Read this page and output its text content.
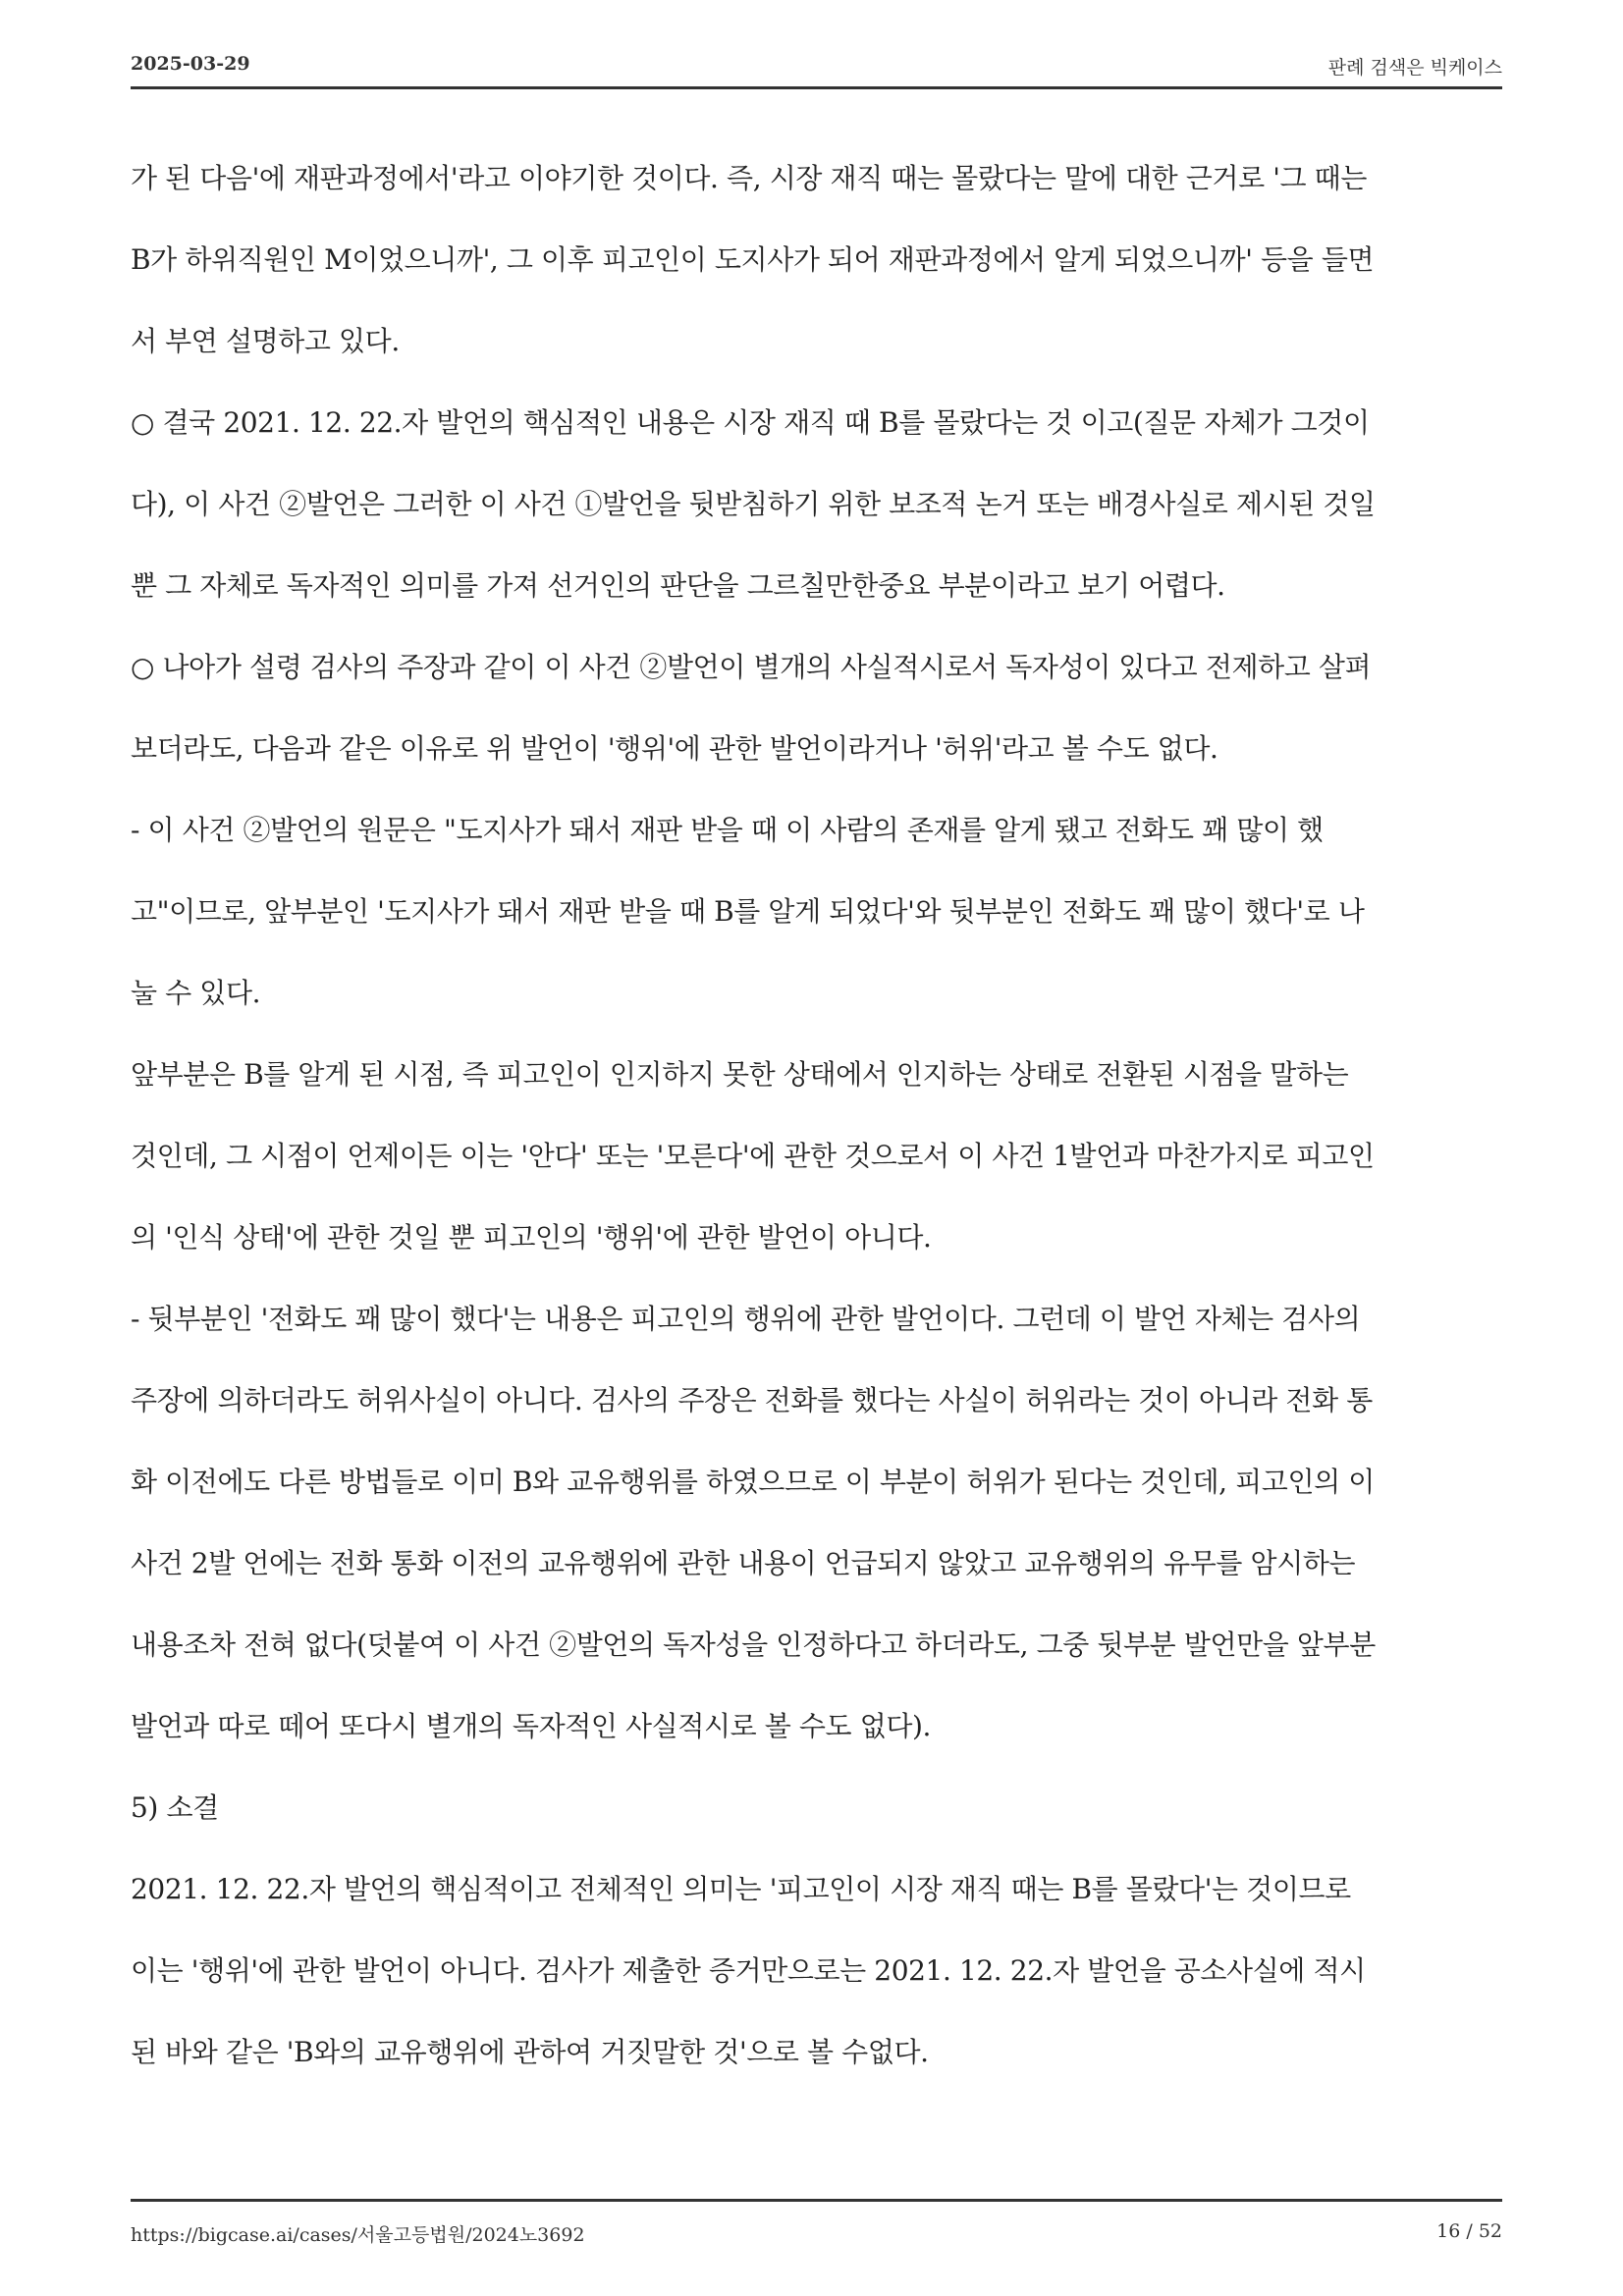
2025-03-29	판례 검색은 빅케이스

가 된 다음'에 재판과정에서'라고 이야기한 것이다. 즉, 시장 재직 때는 몰랐다는 말에 대한 근거로 '그 때는

B가 하위직원인 M이었으니까', 그 이후 피고인이 도지사가 되어 재판과정에서 알게 되었으니까' 등을 들면

서 부연 설명하고 있다.

○ 결국 2021. 12. 22.자 발언의 핵심적인 내용은 시장 재직 때 B를 몰랐다는 것 이고(질문 자체가 그것이

다), 이 사건 ②발언은 그러한 이 사건 ①발언을 뒷받침하기 위한 보조적 논거 또는 배경사실로 제시된 것일

뿐 그 자체로 독자적인 의미를 가져 선거인의 판단을 그르칠만한중요 부분이라고 보기 어렵다.

○ 나아가 설령 검사의 주장과 같이 이 사건 ②발언이 별개의 사실적시로서 독자성이 있다고 전제하고 살펴

보더라도, 다음과 같은 이유로 위 발언이 '행위'에 관한 발언이라거나 '허위'라고 볼 수도 없다.

- 이 사건 ②발언의 원문은 "도지사가 돼서 재판 받을 때 이 사람의 존재를 알게 됐고 전화도 꽤 많이 했

고"이므로, 앞부분인 '도지사가 돼서 재판 받을 때 B를 알게 되었다'와 뒷부분인 전화도 꽤 많이 했다'로 나

눌 수 있다.

앞부분은 B를 알게 된 시점, 즉 피고인이 인지하지 못한 상태에서 인지하는 상태로 전환된 시점을 말하는

것인데, 그 시점이 언제이든 이는 '안다' 또는 '모른다'에 관한 것으로서 이 사건 1발언과 마찬가지로 피고인

의 '인식 상태'에 관한 것일 뿐 피고인의 '행위'에 관한 발언이 아니다.

- 뒷부분인 '전화도 꽤 많이 했다'는 내용은 피고인의 행위에 관한 발언이다. 그런데 이 발언 자체는 검사의

주장에 의하더라도 허위사실이 아니다. 검사의 주장은 전화를 했다는 사실이 허위라는 것이 아니라 전화 통

화 이전에도 다른 방법들로 이미 B와 교유행위를 하였으므로 이 부분이 허위가 된다는 것인데, 피고인의 이

사건 2발 언에는 전화 통화 이전의 교유행위에 관한 내용이 언급되지 않았고 교유행위의 유무를 암시하는

내용조차 전혀 없다(덧붙여 이 사건 ②발언의 독자성을 인정하다고 하더라도, 그중 뒷부분 발언만을 앞부분

발언과 따로 떼어 또다시 별개의 독자적인 사실적시로 볼 수도 없다).

5) 소결

2021. 12. 22.자 발언의 핵심적이고 전체적인 의미는 '피고인이 시장 재직 때는 B를 몰랐다'는 것이므로

이는 '행위'에 관한 발언이 아니다. 검사가 제출한 증거만으로는 2021. 12. 22.자 발언을 공소사실에 적시

된 바와 같은 'B와의 교유행위에 관하여 거짓말한 것'으로 볼 수없다.

https://bigcase.ai/cases/서울고등법원/2024노3692	16 / 52
